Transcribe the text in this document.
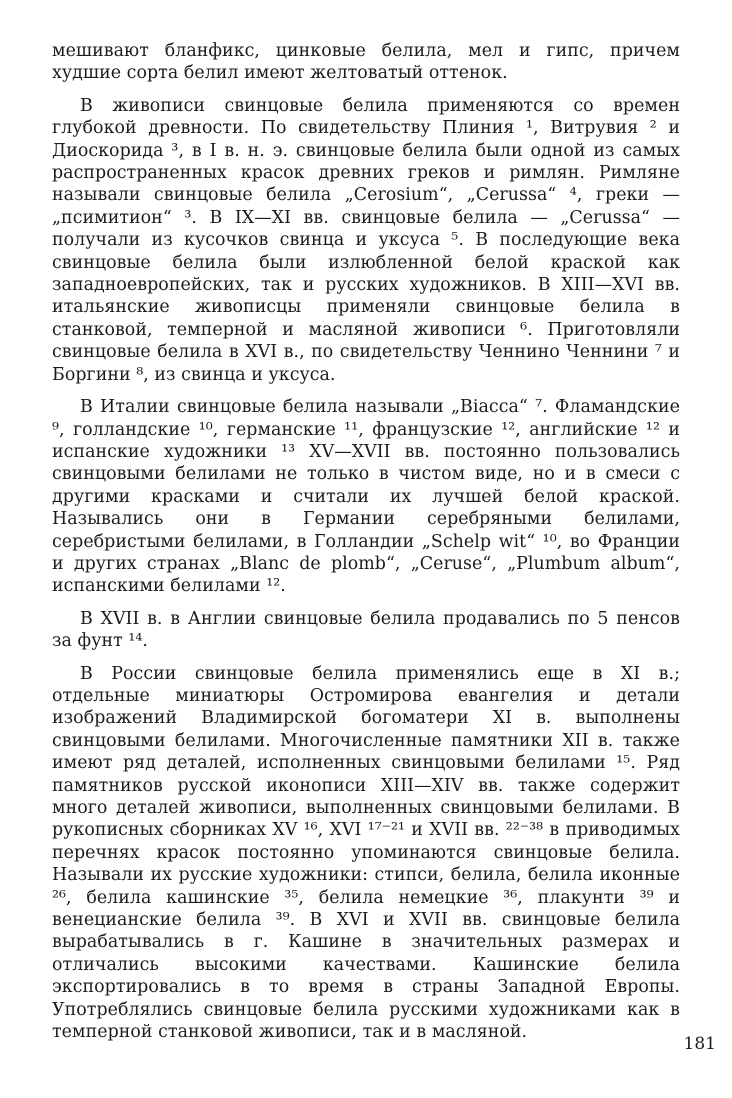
мешивают бланфикс, цинковые белила, мел и гипс, причем худшие сорта белил имеют желтоватый оттенок.

В живописи свинцовые белила применяются со времен глубокой древности. По свидетельству Плиния ¹, Витрувия ² и Диоскорида ³, в I в. н. э. свинцовые белила были одной из самых распространенных красок древних греков и римлян. Римляне называли свинцовые белила „Cerosium“, „Cerussa“ ⁴, греки — „псимитион“ ³. В IX—XI вв. свинцовые белила — „Cerussa“ — получали из кусочков свинца и уксуса ⁵. В последующие века свинцовые белила были излюбленной белой краской как западноевропейских, так и русских художников. В XIII—XVI вв. итальянские живописцы применяли свинцовые белила в станковой, темперной и масляной живописи ⁶. Приготовляли свинцовые белила в XVI в., по свидетельству Ченнино Ченнини ⁷ и Боргини ⁸, из свинца и уксуса.

В Италии свинцовые белила называли „Biacca“ ⁷. Фламандские ⁹, голландские ¹⁰, германские ¹¹, французские ¹², английские ¹² и испанские художники ¹³ XV—XVII вв. постоянно пользовались свинцовыми белилами не только в чистом виде, но и в смеси с другими красками и считали их лучшей белой краской. Назывались они в Германии серебряными белилами, серебристыми белилами, в Голландии „Schelp wit“ ¹⁰, во Франции и других странах „Blanc de plomb“, „Ceruse“, „Plumbum album“, испанскими белилами ¹².

В XVII в. в Англии свинцовые белила продавались по 5 пенсов за фунт ¹⁴.

В России свинцовые белила применялись еще в XI в.; отдельные миниатюры Остромирова евангелия и детали изображений Владимирской богоматери XI в. выполнены свинцовыми белилами. Многочисленные памятники XII в. также имеют ряд деталей, исполненных свинцовыми белилами ¹⁵. Ряд памятников русской иконописи XIII—XIV вв. также содержит много деталей живописи, выполненных свинцовыми белилами. В рукописных сборниках XV ¹⁶, XVI ¹⁷⁻²¹ и XVII вв. ²²⁻³⁸ в приводимых перечнях красок постоянно упоминаются свинцовые белила. Называли их русские художники: стипси, белила, белила иконные ²⁶, белила кашинские ³⁵, белила немецкие ³⁶, плакунти ³⁹ и венецианские белила ³⁹. В XVI и XVII вв. свинцовые белила вырабатывались в г. Кашине в значительных размерах и отличались высокими качествами. Кашинские белила экспортировались в то время в страны Западной Европы. Употреблялись свинцовые белила русскими художниками как в темперной станковой живописи, так и в масляной.

181
